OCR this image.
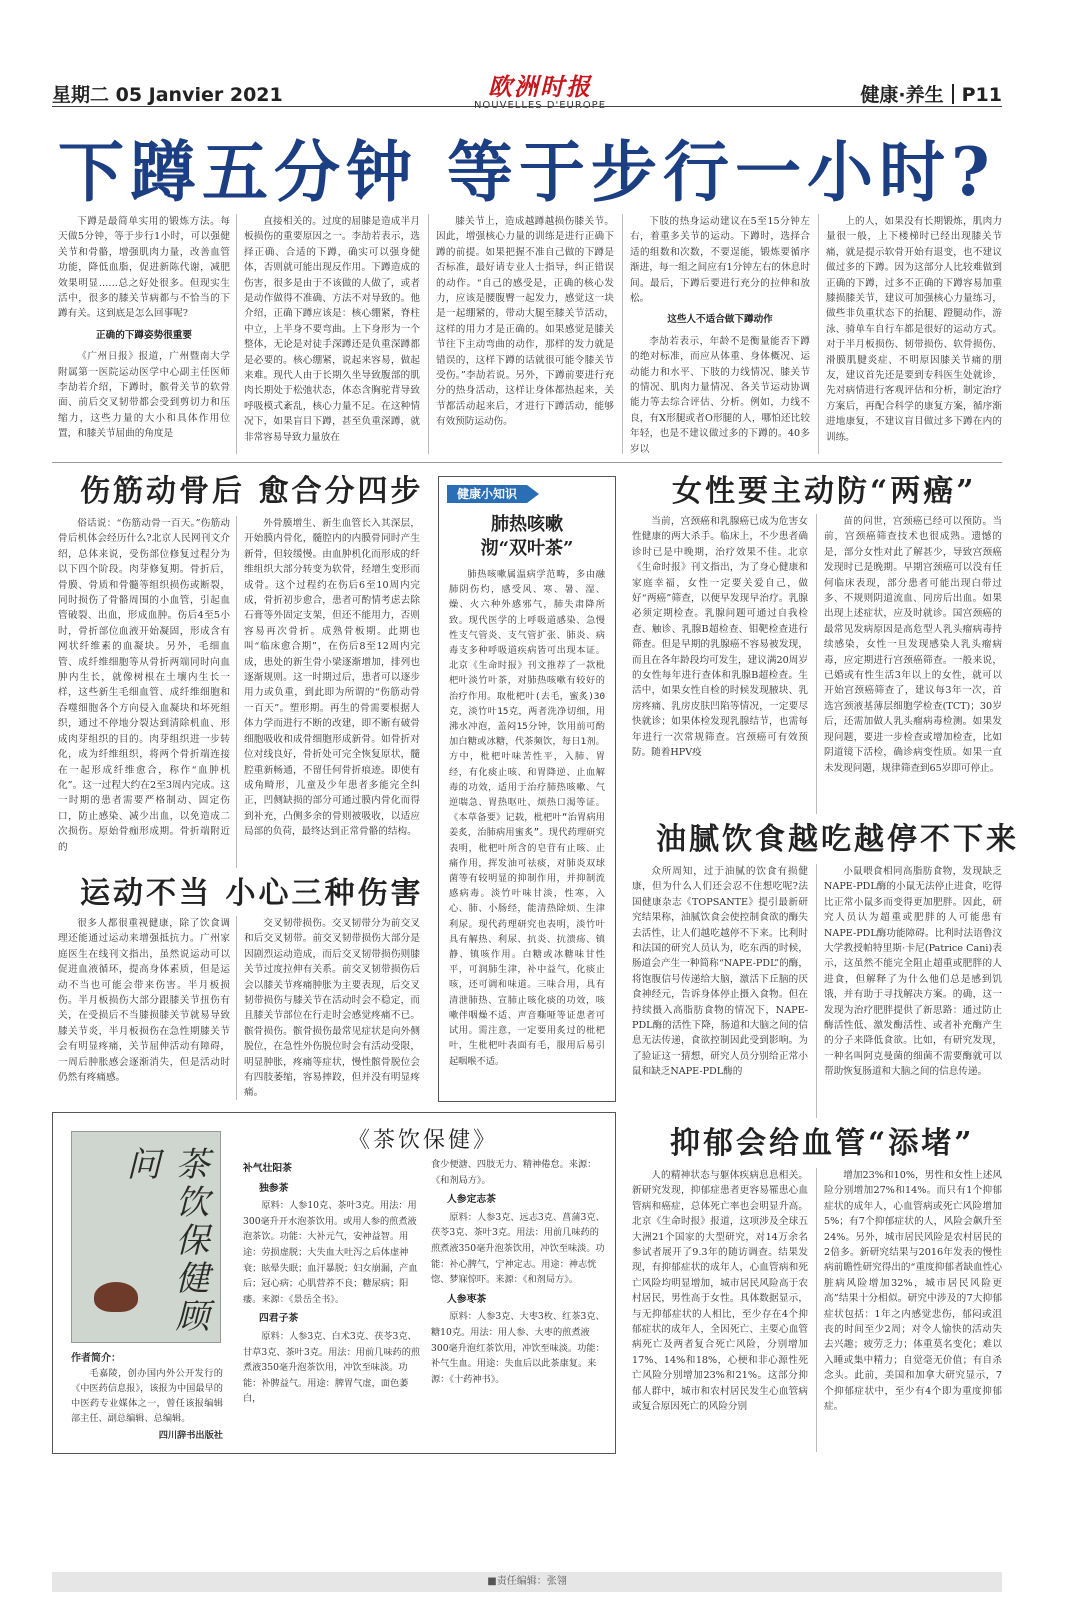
星期二 05 Janvier 2021	欧洲时报	健康·养生 P11
下蹲五分钟 等于步行一小时?

下蹲是最简单实用的锻炼方法。每天做5分钟，等于步行1小时，可以强健关节和骨骼，增强肌肉力量，改善血管功能，降低血脂，促进新陈代谢，减肥效果明显……总之好处很多。但现实生活中，很多的膝关节病都与不恰当的下蹲有关。这到底是怎么回事呢?

正确的下蹲姿势很重要

《广州日报》报道，广州暨南大学附属第一医院运动医学中心副主任医师李劼若介绍，下蹲时，髌骨关节的软骨面、前后交叉韧带都会受到剪切力和压缩力，这些力量的大小和具体作用位置，和膝关节屈曲的角度是

直接相关的。过度的屈膝是造成半月板损伤的重要原因之一。李劼若表示，选择正确、合适的下蹲，确实可以强身健体，否则就可能出现反作用。下蹲造成的伤害，很多是由于不该做的人做了，或者是动作做得不准确、方法不对导致的。他介绍，正确下蹲应该是：核心绷紧，脊柱中立，上半身不要弯曲。上下身形为一个整体，无论是对徒手深蹲还是负重深蹲都是必要的。核心绷紧，说起来容易，做起来难。现代人由于长期久坐导致腹部的肌肉长期处于松弛状态，体态含胸驼背导致呼吸模式紊乱，核心力量不足。在这种情况下，如果盲目下蹲，甚至负重深蹲，就非常容易导致力量放在

膝关节上，造成越蹲越损伤膝关节。因此，增强核心力量的训练是进行正确下蹲的前提。如果把握不准自己做的下蹲是否标准，最好请专业人士指导，纠正错误的动作。“自己的感受是，正确的核心发力，应该是腰腹臀一起发力，感觉这一块是一起绷紧的，带动大腿至膝关节活动，这样的用力才是正确的。如果感觉是膝关节往下主动弯曲的动作，那样的发力就是错误的，这样下蹲的话就很可能令膝关节受伤。”李劼若说。另外，下蹲前要进行充分的热身活动，这样让身体都热起来，关节都活动起来后，才进行下蹲活动，能够有效预防运动伤。

下肢的热身运动建议在5至15分钟左右，着重多关节的运动。下蹲时，选择合适的组数和次数，不要逞能，锻炼要循序渐进，每一组之间应有1分钟左右的休息时间。最后，下蹲后要进行充分的拉伸和放松。

这些人不适合做下蹲动作

李劼若表示，年龄不是衡量能否下蹲的绝对标准，而应从体重、身体概况、运动能力和水平、下肢的力线情况、膝关节的情况、肌肉力量情况、各关节运动协调能力等去综合评估、分析。例如，力线不良，有X形腿或者O形腿的人，哪怕还比较年轻，也是不建议做过多的下蹲的。40多岁以

上的人，如果没有长期锻炼，肌肉力量很一般，上下楼梯时已经出现膝关节痛，就是提示软骨开始有退变，也不建议做过多的下蹲。因为这部分人比较难做到正确的下蹲，过多不正确的下蹲容易加重膝损膝关节，建议可加强核心力量练习，做些非负重状态下的抬腿、蹬腿动作，游泳、骑单车自行车都是很好的运动方式。对于半月板损伤、韧带损伤、软骨损伤、滑膜肌腱炎症、不明原因膝关节痛的朋友，建议首先还是要到专科医生处就诊，先对病情进行客观评估和分析，制定治疗方案后，再配合科学的康复方案，循序渐进地康复，不建议盲目做过多下蹲在内的训练。

伤筋动骨后 愈合分四步

俗话说：“伤筋动骨一百天。”伤筋动骨后机体会经历什么?北京人民网刊文介绍，总体来说，受伤部位修复过程分为以下四个阶段。肉芽修复期。骨折后，骨膜、骨质和骨髓等组织损伤或断裂，同时损伤了骨骼周围的小血管，引起血管破裂、出血，形成血肿。伤后4至5小时，骨折部位血液开始凝固，形成含有网状纤维素的血凝块。另外，毛细血管、成纤维细胞等从骨折两端同时向血肿内生长，就像树根在土壤内生长一样，这些新生毛细血管、成纤维细胞和吞噬细胞各个方向侵入血凝块和坏死组织，通过不停地分裂达到清除机血、形成肉芽组织的目的。肉芽组织进一步转化，成为纤维组织，将两个骨折端连接在一起形成纤维愈合，称作“血肿机化”。这一过程大约在2至3周内完成。这一时期的患者需要严格制动、固定伤口，防止感染、减少出血，以免造成二次损伤。原始骨痂形成期。骨折端附近的

外骨膜增生、新生血管长入其深层，开始膜内骨化，髓腔内的内膜骨同时产生新骨，但较缓慢。由血肿机化而形成的纤维组织大部分转变为软骨，经增生变形而成骨。这个过程约在伤后6至10周内完成，骨折初步愈合，患者可酌情考虑去除石膏等外固定支架，但还不能用力，否则容易再次骨折。成熟骨板期。此期也叫“临床愈合期”，在伤后8至12周内完成，患处的新生骨小梁逐渐增加，排列也逐渐规则。这一时期过后，患者可以逐步用力或负重，到此即为所谓的“伤筋动骨一百天”。塑形期。再生的骨需要根据人体力学而进行不断的改建，即不断有破骨细胞吸收和成骨细胞形成新骨。如骨折对位对线良好，骨折处可完全恢复原状，髓腔重新畅通，不留任何骨折痕迹。即使有成角畸形，儿童及少年患者多能完全纠正，凹侧缺损的部分可通过膜内骨化而得到补充，凸侧多余的骨则被吸收，以适应局部的负荷，最终达到正常骨骼的结构。

运动不当 小心三种伤害

很多人都很重视健康，除了饮食调理还能通过运动来增强抵抗力。广州家庭医生在线刊文指出，虽然说运动可以促进血液循环，提高身体素质，但是运动不当也可能会带来伤害。半月板损伤。半月板损伤大部分跟膝关节扭伤有关，在受损后不当膝损膝关节就易导致膝关节炎，半月板损伤在急性期膝关节会有明显疼痛，关节屈伸活动有障碍，一周后肿胀感会逐渐消失，但是活动时仍然有疼痛感。

交叉韧带损伤。交叉韧带分为前交叉和后交叉韧带。前交叉韧带损伤大部分是因剧烈运动造成，而后交叉韧带损伤则膝关节过度拉伸有关系。前交叉韧带损伤后会以膝关节疼痛肿胀为主要表现，后交叉韧带损伤与膝关节在活动时会不稳定，而且膝关节部位在行走时会感觉疼痛不已。髌骨损伤。髌骨损伤最常见症状是向外侧脱位，在急性外伤脱位时会有活动受限，明显肿胀，疼痛等症状，慢性髌骨脱位会有四肢萎缩，容易摔跤，但并没有明显疼痛。

健康小知识
肺热咳嗽
沏“双叶茶”

肺热咳嗽属温病学范畴，多由融肺阴伤灼，感受风、寒、暑、湿、燥、火六种外感邪气，肺失肃降所致。现代医学的上呼吸道感染、急慢性支气管炎、支气管扩张、肺炎、病毒支多种呼吸道疾病皆可出现本证。北京《生命时报》刊文推荐了一款枇杷叶淡竹叶茶，对肺热咳嗽有较好的治疗作用。取枇杷叶(去毛，蜜炙)30克，淡竹叶15克，两者洗净切细，用沸水冲泡，盖闷15分钟，饮用前可酌加白糖或冰糖，代茶频饮，每日1剂。方中，枇杷叶味苦性平，入肺、胃经，有化痰止咳、和胃降逆、止血解毒的功效，适用于治疗肺热咳嗽、气逆喘急、胃热呕吐、烦热口渴等证。《本草备要》记载，枇杷叶“治胃病用姜炙，治肺病用蜜炙”。现代药理研究表明，枇杷叶所含的皂苷有止咳、止痛作用，挥发油可祛痰，对肺炎双球菌等有较明显的抑制作用，并抑制流感病毒。淡竹叶味甘淡，性寒，入心、肺、小肠经，能清热除烦、生津利尿。现代药理研究也表明，淡竹叶具有解热、利尿、抗炎、抗溃疡、镇静、镇咳作用。白糖或冰糖味甘性平，可润肺生津，补中益气，化痰止咳，还可调和味道。三味合用，具有清泄肺热、宣肺止咳化痰的功效，咳嗽伴咽燥不适、声音嘶哑等证患者可试用。需注意，一定要用炙过的枇杷叶，生枇杷叶表面有毛，服用后易引起咽喉不适。

女性要主动防“两癌”

当前，宫颈癌和乳腺癌已成为危害女性健康的两大杀手。临床上，不少患者确诊时已是中晚期，治疗效果不佳。北京《生命时报》刊文指出，为了身心健康和家庭幸福，女性一定要关爱自己，做好“两癌”筛查，以便早发现早治疗。乳腺必须定期检查。乳腺问题可通过自我检查、触诊、乳腺B超检查、钼靶检查进行筛查。但是早期的乳腺癌不容易被发现，而且在各年龄段均可发生，建议满20周岁的女性每年进行查体和乳腺B超检查。生活中，如果女性自检的时候发现腋块、乳房疼痛、乳房皮肤凹陷等情况，一定要尽快就诊；如果体检发现乳腺结节，也需每年进行一次常规筛查。宫颈癌可有效预防。随着HPV疫

苗的问世，宫颈癌已经可以预防。当前，宫颈癌筛查技术也很成熟。遗憾的是，部分女性对此了解甚少，导致宫颈癌发现时已是晚期。早期宫颈癌可以没有任何临床表现，部分患者可能出现白带过多、不规则阴道流血、同房后出血。如果出现上述症状，应及时就诊。国宫颈癌的最常见发病原因是高危型人乳头瘤病毒持续感染，女性一旦发现感染人乳头瘤病毒，应定期进行宫颈癌筛查。一般来说，已婚或有性生活3年以上的女性，就可以开始宫颈癌筛查了，建议每3年一次，首选宫颈液基薄层细胞学检查(TCT)；30岁后，还需加做人乳头瘤病毒检测。如果发现问题，要进一步检查或增加检查，比如阴道镜下活检，确诊病变性质。如果一直未发现问题，规律筛查到65岁即可停止。

油腻饮食越吃越停不下来

众所周知，过于油腻的饮食有损健康，但为什么人们还会忍不住想吃呢?法国健康杂志《TOPSANTE》提引最新研究结果称，油腻饮食会使控制食欲的酶失去活性，让人们越吃越停不下来。比利时和法国的研究人员认为，吃东西的时候，肠道会产生一种简称“NAPE-PDL”的酶，将饱腹信号传递给大脑，激活下丘脑的厌食神经元，告诉身体停止摄入食物。但在持续摄入高脂肪食物的情况下，NAPE-PDL酶的活性下降，肠道和大脑之间的信息无法传递，食欲控制因此受到影响。为了验证这一猜想，研究人员分别给正常小鼠和缺乏NAPE-PDL酶的

小鼠喂食相同高脂肪食物，发现缺乏NAPE-PDL酶的小鼠无法停止进食，吃得比正常小鼠多而变得更加肥胖。因此，研究人员认为超重或肥胖的人可能患有NAPE-PDL酶功能障碍。比利时法语鲁汶大学教授帕特里斯·卡尼(Patrice Cani)表示，这虽然不能完全阻止超重或肥胖的人进食，但解释了为什么他们总是感到饥饿，并有助于寻找解决方案。的确，这一发现为治疗肥胖提供了新思路：通过防止酶活性低、激发酶活性、或者补充酶产生的分子来降低食欲。比如，有研究发现，一种名叫阿克曼菌的细菌不需要酶就可以帮助恢复肠道和大脑之间的信息传递。

《茶饮保健》
茶饮保健顾问
作者简介：
毛嘉陵，创办国内外公开发行的《中医药信息报》，该报为中国最早的中医药专业媒体之一，曾任该报编辑部主任、副总编辑、总编辑。
四川辞书出版社
补气壮阳茶
独参茶
原料：人参10克、茶叶3克。用法：用300毫升开水泡茶饮用。或用人参的煎煮液泡茶饮。功能：大补元气，安神益智。用途：劳损虚脱；大失血大吐泻之后体虚神衰；眩晕失眠；血汗暴脱；妇女崩漏，产血后；冠心病；心肌营养不良；糖尿病；阳痿。来源：《景岳全书》。
四君子茶
原料：人参3克、白术3克、茯苓3克、甘草3克、茶叶3克。用法：用前几味药的煎煮液350毫升泡茶饮用，冲饮至味淡。功能：补脾益气。用途：脾胃气虚，面色萎白，
食少便溏、四肢无力、精神倦怠。来源：《和剂局方》。
人参定志茶
原料：人参3克、远志3克、菖蒲3克、茯苓3克、茶叶3克。用法：用前几味药的煎煮液350毫升泡茶饮用，冲饮至味淡。功能：补心脾气，宁神定志。用途：神志恍惚、梦寐惊吓。来源：《和剂局方》。
人参枣茶
原料：人参3克、大枣3枚、红茶3克、糖10克。用法：用人参、大枣的煎煮液300毫升泡红茶饮用，冲饮至味淡。功能：补气生血。用途：失血后以此茶康复。来源：《十药神书》。
抑郁会给血管“添堵”

人的精神状态与躯体疾病息息相关。新研究发现，抑郁症患者更容易罹患心血管病和癌症，总体死亡率也会明显升高。北京《生命时报》报道，这项涉及全球五大洲21个国家的大型研究，对14万余名参试者展开了9.3年的随访调查。结果发现，有抑郁症状的成年人，心血管病和死亡风险均明显增加，城市居民风险高于农村居民，男性高于女性。具体数据显示，与无抑郁症状的人相比，至少存在4个抑郁症状的成年人，全因死亡、主要心血管病死亡及两者复合死亡风险，分别增加17%、14%和18%，心梗和非心源性死亡风险分别增加23%和21%。这部分抑郁人群中，城市和农村居民发生心血管病或复合原因死亡的风险分别

增加23%和10%，男性和女性上述风险分别增加27%和14%。而只有1个抑郁症状的成年人，心血管病或死亡风险增加5%；有7个抑郁症状的人，风险会飙升至24%。另外，城市居民风险是农村居民的2倍多。新研究结果与2016年发表的慢性病前瞻性研究得出的“重度抑郁者缺血性心脏病风险增加32%，城市居民风险更高”结果十分相似。研究中涉及的7大抑郁症状包括：1年之内感觉悲伤，郁闷或沮丧的时间至少2周；对令人愉快的活动失去兴趣；疲劳乏力；体重莫名变化；难以入睡或集中精力；自觉毫无价值；有自杀念头。此前，美国和加拿大研究显示，7个抑郁症状中，至少有4个即为重度抑郁症。

■责任编辑：张翎
